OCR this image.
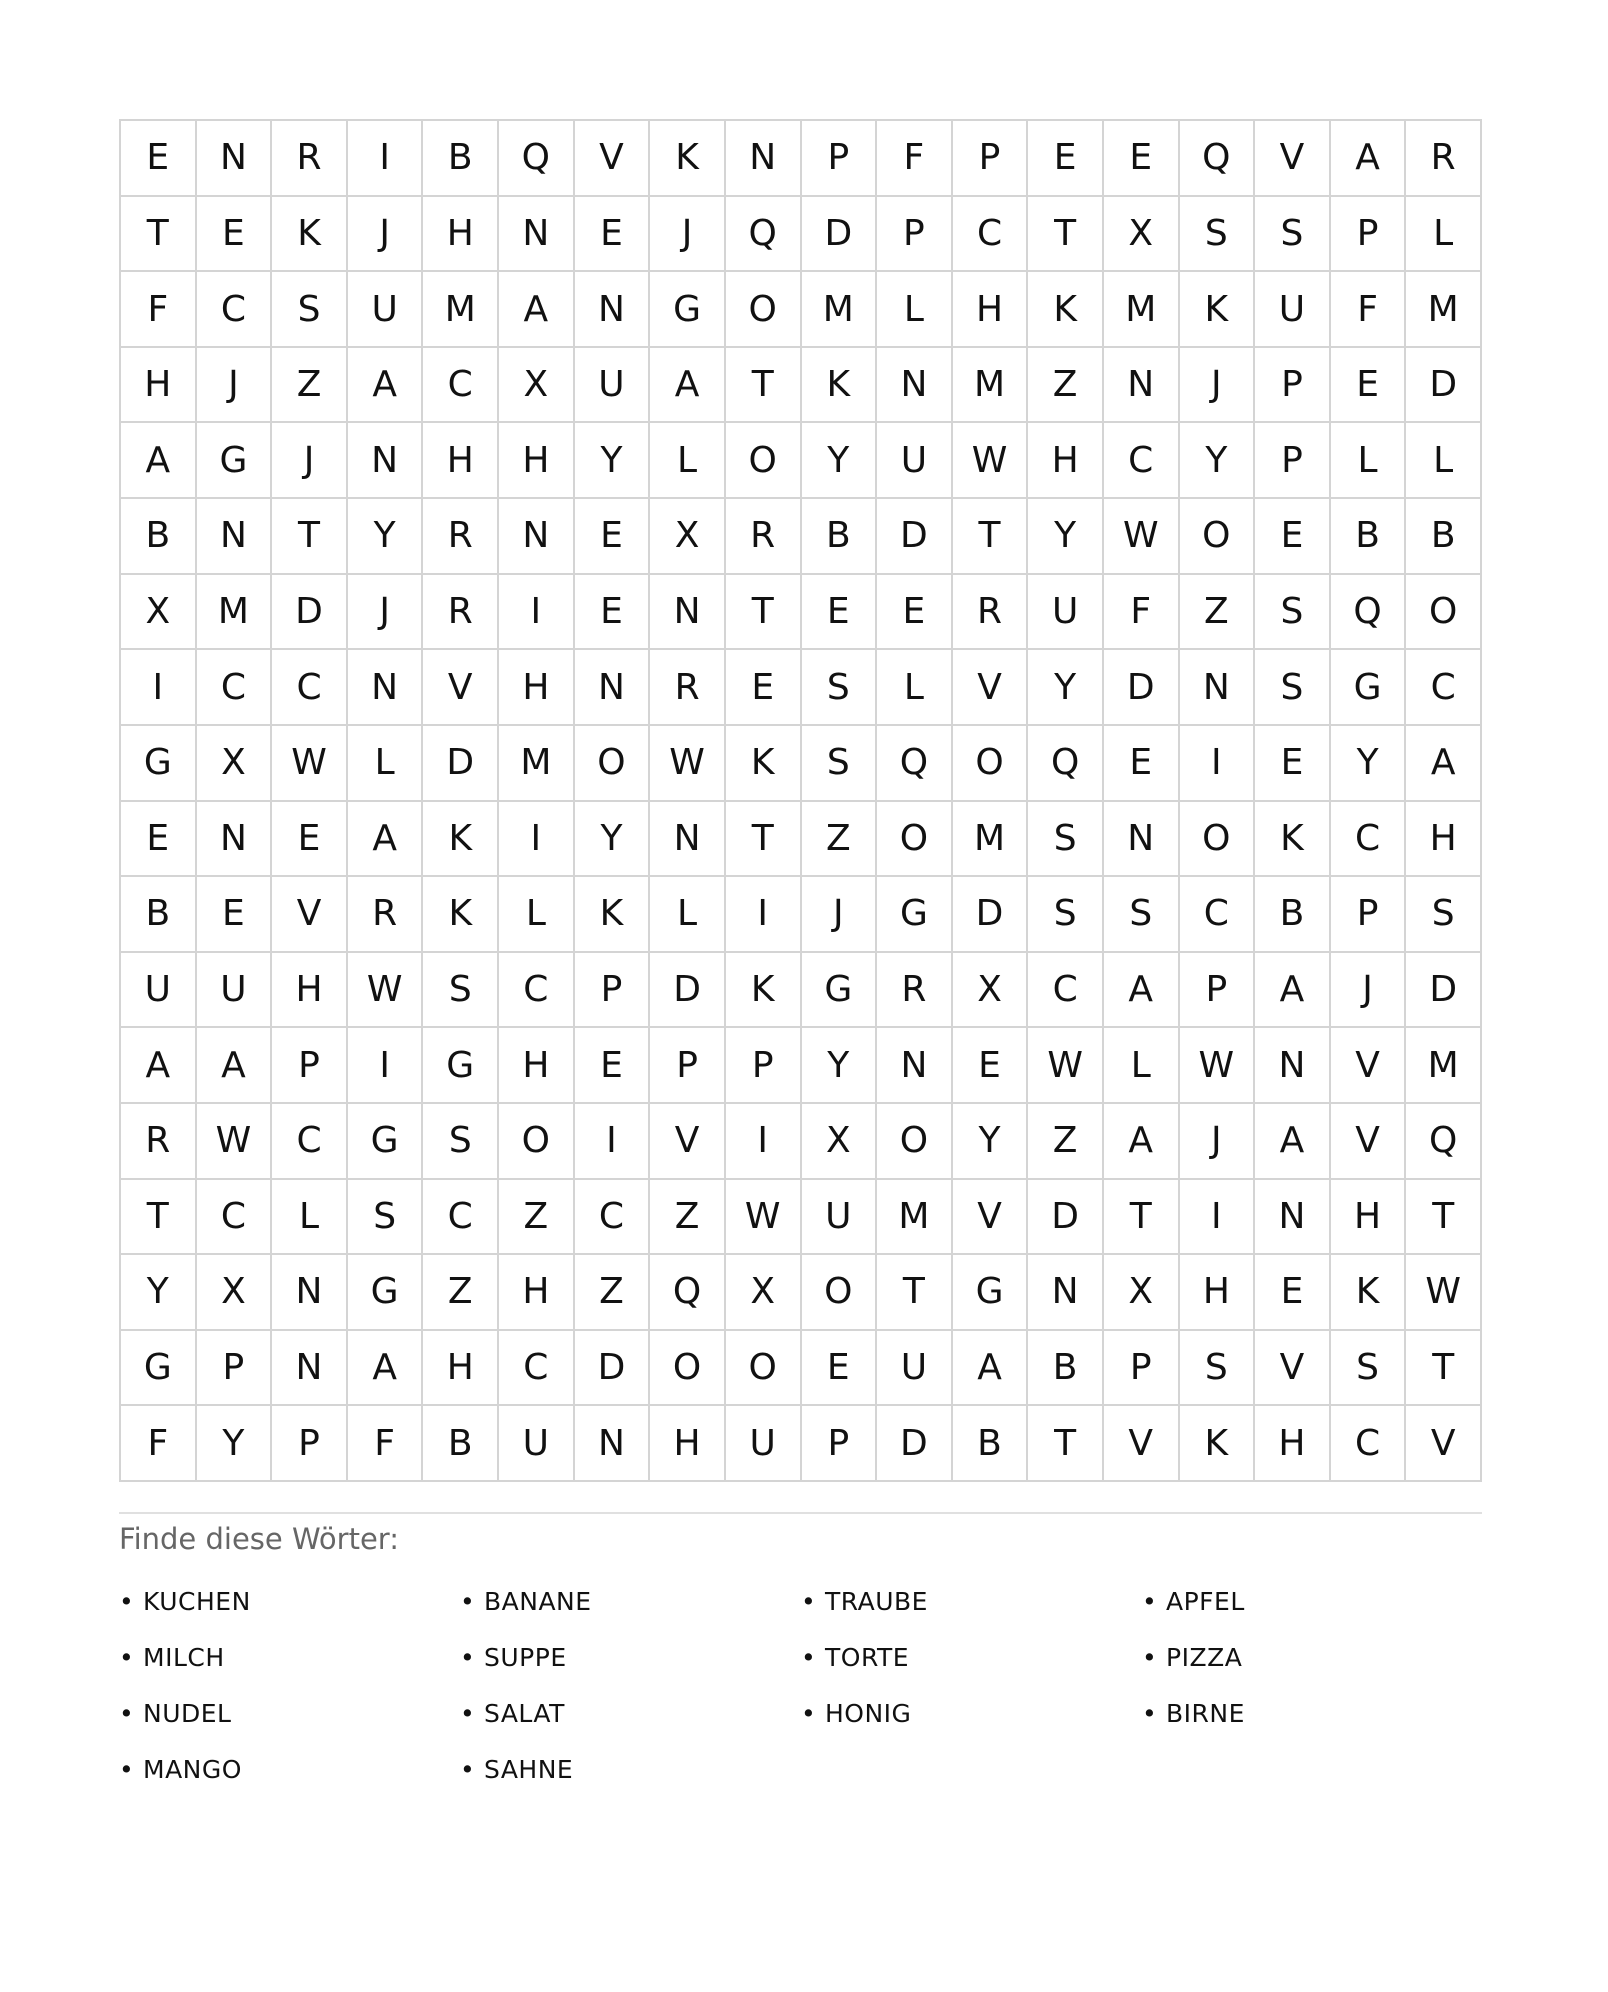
E	N	R	I	B	Q	V	K	N	P	F	P	E	E	Q	V	A	R
T	E	K	J	H	N	E	J	Q	D	P	C	T	X	S	S	P	L
F	C	S	U	M	A	N	G	O	M	L	H	K	M	K	U	F	M
H	J	Z	A	C	X	U	A	T	K	N	M	Z	N	J	P	E	D
A	G	J	N	H	H	Y	L	O	Y	U	W	H	C	Y	P	L	L
B	N	T	Y	R	N	E	X	R	B	D	T	Y	W	O	E	B	B
X	M	D	J	R	I	E	N	T	E	E	R	U	F	Z	S	Q	O
I	C	C	N	V	H	N	R	E	S	L	V	Y	D	N	S	G	C
G	X	W	L	D	M	O	W	K	S	Q	O	Q	E	I	E	Y	A
E	N	E	A	K	I	Y	N	T	Z	O	M	S	N	O	K	C	H
B	E	V	R	K	L	K	L	I	J	G	D	S	S	C	B	P	S
U	U	H	W	S	C	P	D	K	G	R	X	C	A	P	A	J	D
A	A	P	I	G	H	E	P	P	Y	N	E	W	L	W	N	V	M
R	W	C	G	S	O	I	V	I	X	O	Y	Z	A	J	A	V	Q
T	C	L	S	C	Z	C	Z	W	U	M	V	D	T	I	N	H	T
Y	X	N	G	Z	H	Z	Q	X	O	T	G	N	X	H	E	K	W
G	P	N	A	H	C	D	O	O	E	U	A	B	P	S	V	S	T
F	Y	P	F	B	U	N	H	U	P	D	B	T	V	K	H	C	V
Finde diese Wörter:
• KUCHEN	• BANANE	• TRAUBE	• APFEL
• MILCH	• SUPPE	• TORTE	• PIZZA
• NUDEL	• SALAT	• HONIG	• BIRNE
• MANGO	• SAHNE
